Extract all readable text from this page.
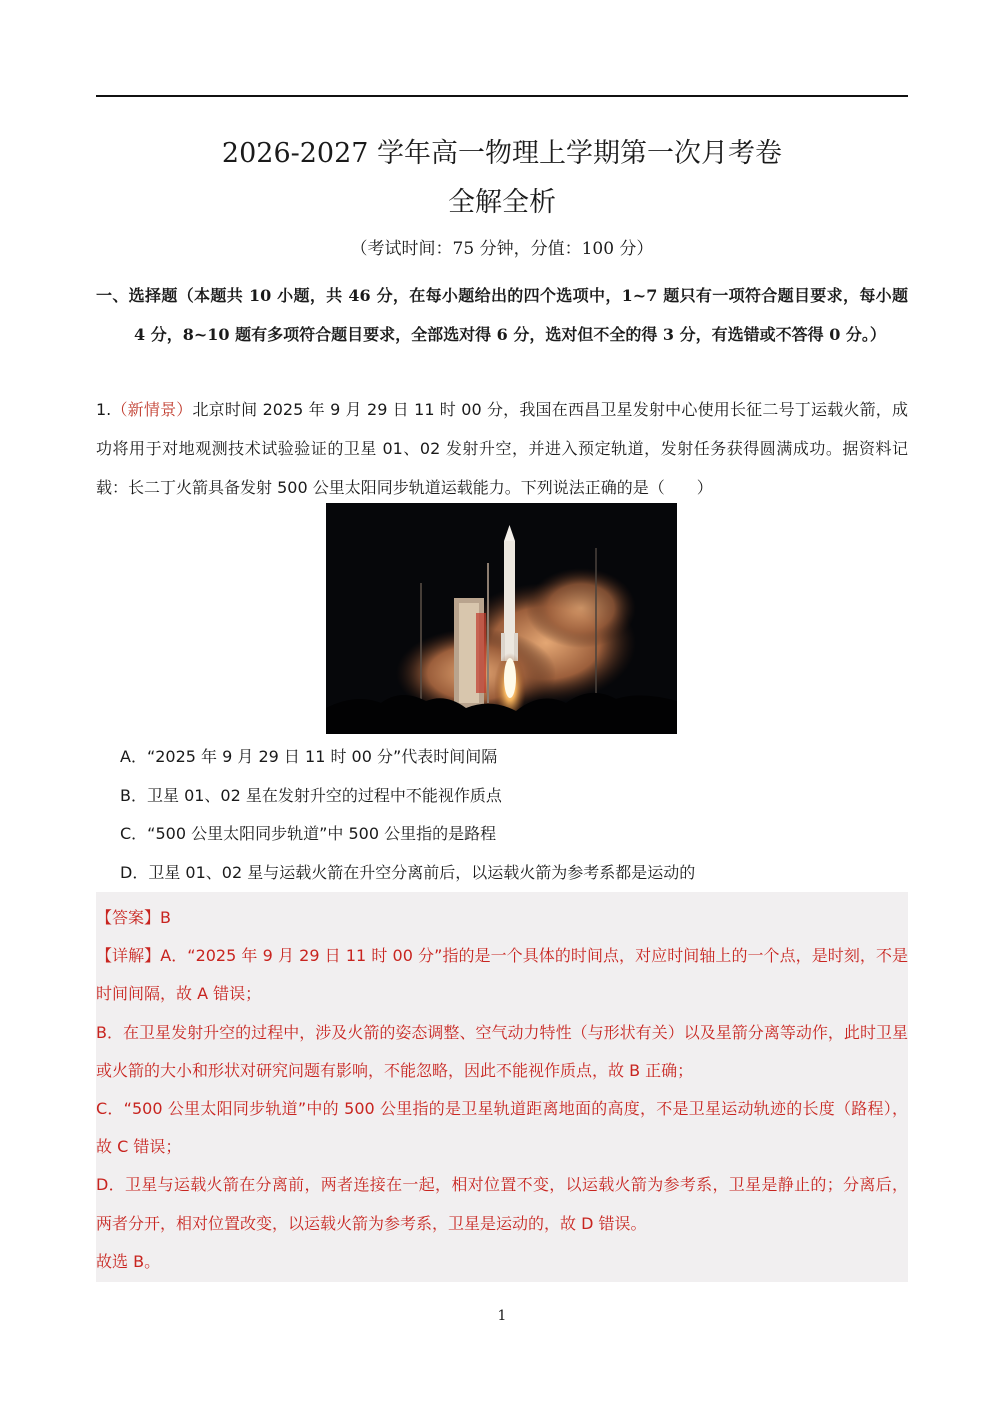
2026-2027 学年高一物理上学期第一次月考卷
全解全析
（考试时间：75 分钟，分值：100 分）
一、选择题（本题共 10 小题，共 46 分，在每小题给出的四个选项中，1~7 题只有一项符合题目要求，每小题 4 分，8~10 题有多项符合题目要求，全部选对得 6 分，选对但不全的得 3 分，有选错或不答得 0 分。）
1.（新情景）北京时间 2025 年 9 月 29 日 11 时 00 分，我国在西昌卫星发射中心使用长征二号丁运载火箭，成功将用于对地观测技术试验验证的卫星 01、02 发射升空，并进入预定轨道，发射任务获得圆满成功。据资料记载：长二丁火箭具备发射 500 公里太阳同步轨道运载能力。下列说法正确的是（　　）
A．“2025 年 9 月 29 日 11 时 00 分”代表时间间隔
B．卫星 01、02 星在发射升空的过程中不能视作质点
C．“500 公里太阳同步轨道”中 500 公里指的是路程
D．卫星 01、02 星与运载火箭在升空分离前后，以运载火箭为参考系都是运动的

【答案】B

【详解】A．“2025 年 9 月 29 日 11 时 00 分”指的是一个具体的时间点，对应时间轴上的一个点，是时刻，不是时间间隔，故 A 错误；

B．在卫星发射升空的过程中，涉及火箭的姿态调整、空气动力特性（与形状有关）以及星箭分离等动作，此时卫星或火箭的大小和形状对研究问题有影响，不能忽略，因此不能视作质点，故 B 正确；

C．“500 公里太阳同步轨道”中的 500 公里指的是卫星轨道距离地面的高度，不是卫星运动轨迹的长度（路程），故 C 错误；

D．卫星与运载火箭在分离前，两者连接在一起，相对位置不变，以运载火箭为参考系，卫星是静止的；分离后，两者分开，相对位置改变，以运载火箭为参考系，卫星是运动的，故 D 错误。

故选 B。

1
